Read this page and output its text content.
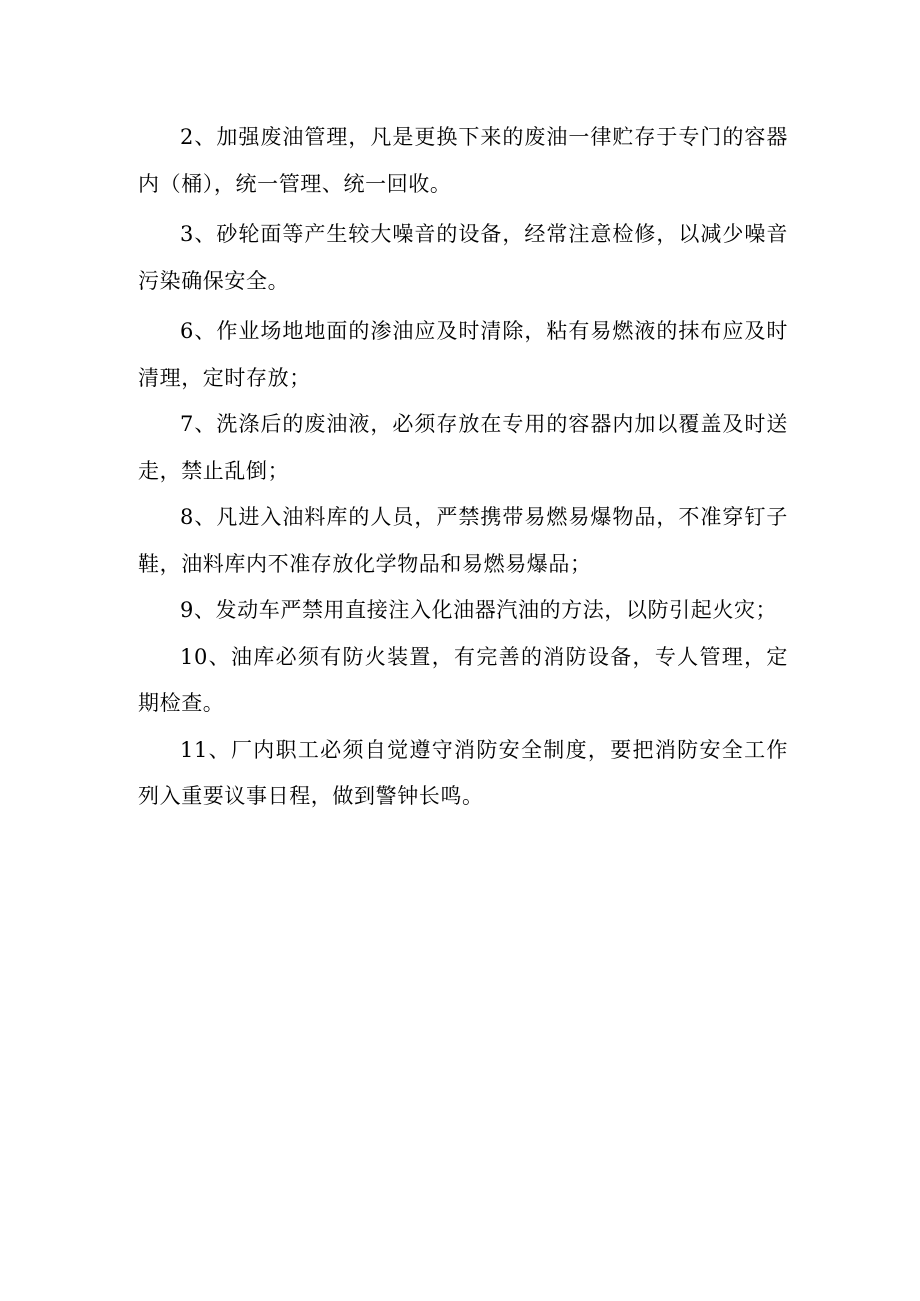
2、加强废油管理，凡是更换下来的废油一律贮存于专门的容器内（桶），统一管理、统一回收。

3、砂轮面等产生较大噪音的设备，经常注意检修，以减少噪音污染确保安全。

6、作业场地地面的渗油应及时清除，粘有易燃液的抹布应及时清理，定时存放；

7、洗涤后的废油液，必须存放在专用的容器内加以覆盖及时送走，禁止乱倒；

8、凡进入油料库的人员，严禁携带易燃易爆物品，不准穿钉子鞋，油料库内不准存放化学物品和易燃易爆品；

9、发动车严禁用直接注入化油器汽油的方法，以防引起火灾；

10、油库必须有防火装置，有完善的消防设备，专人管理，定期检查。

11、厂内职工必须自觉遵守消防安全制度，要把消防安全工作列入重要议事日程，做到警钟长鸣。
